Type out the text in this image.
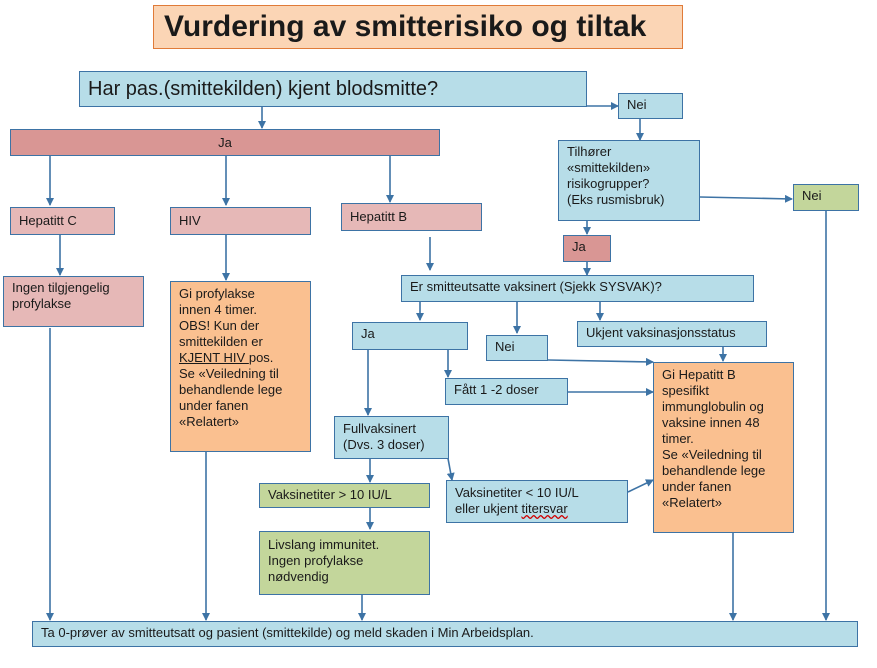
Vurdering av smitterisiko og tiltak
Har pas.(smittekilden) kjent blodsmitte?
Nei
Ja
Tilhører
«smittekilden»
risikogrupper?
(Eks rusmisbruk)	Nei
Ja
Hepatitt C	HIV	Hepatitt B
Ingen tilgjengelig
profylakse
Gi profylakse
innen 4 timer.
OBS! Kun der
smittekilden er
KJENT HIV pos.
Se «Veiledning til
behandlende lege
under fanen
«Relatert»
Er smitteutsatte vaksinert (Sjekk SYSVAK)?
Ja
Nei
Ukjent vaksinasjonsstatus
Fått 1 -2 doser
Fullvaksinert
(Dvs. 3 doser)
Vaksinetiter > 10 IU/L	Vaksinetiter < 10 IU/L
eller ukjent titersvar
Livslang immunitet.
Ingen profylakse
nødvendig
Gi Hepatitt B
spesifikt
immunglobulin og
vaksine innen 48
timer.
Se «Veiledning til
behandlende lege
under fanen
«Relatert»
Ta 0-prøver av smitteutsatt og pasient (smittekilde) og meld skaden i Min Arbeidsplan.
